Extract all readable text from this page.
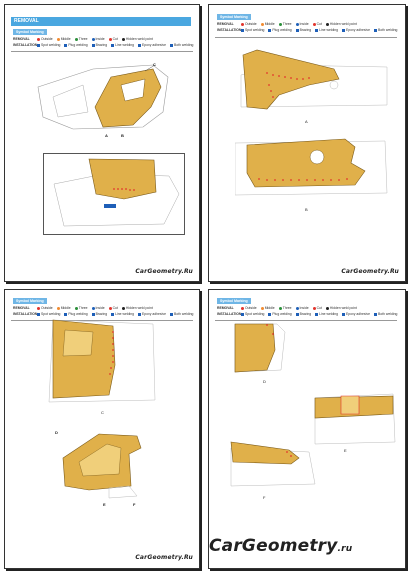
REMOVAL
Symbol Marking
REMOVAL	Outside Middle Three Inside Cut Hidden weld point
INSTALLATION Spot welding Plug welding Brazing Line welding Epoxy adhesive Both welding
C
A	B
CarGeometry.Ru
Symbol Marking
REMOVAL	Outside Middle Three Inside Cut Hidden weld point
INSTALLATION Spot welding Plug welding Brazing Line welding Epoxy adhesive Both welding
A
B
CarGeometry.Ru
Symbol Marking
REMOVAL	Outside Middle Three Inside Cut Hidden weld point
INSTALLATION Spot welding Plug welding Brazing Line welding Epoxy adhesive Both welding
C
D
E	F
CarGeometry.Ru
Symbol Marking
REMOVAL	Outside Middle Three Inside Cut Hidden weld point
INSTALLATION Spot welding Plug welding Brazing Line welding Epoxy adhesive Both welding
D
E
F
CarGeometry.ru
